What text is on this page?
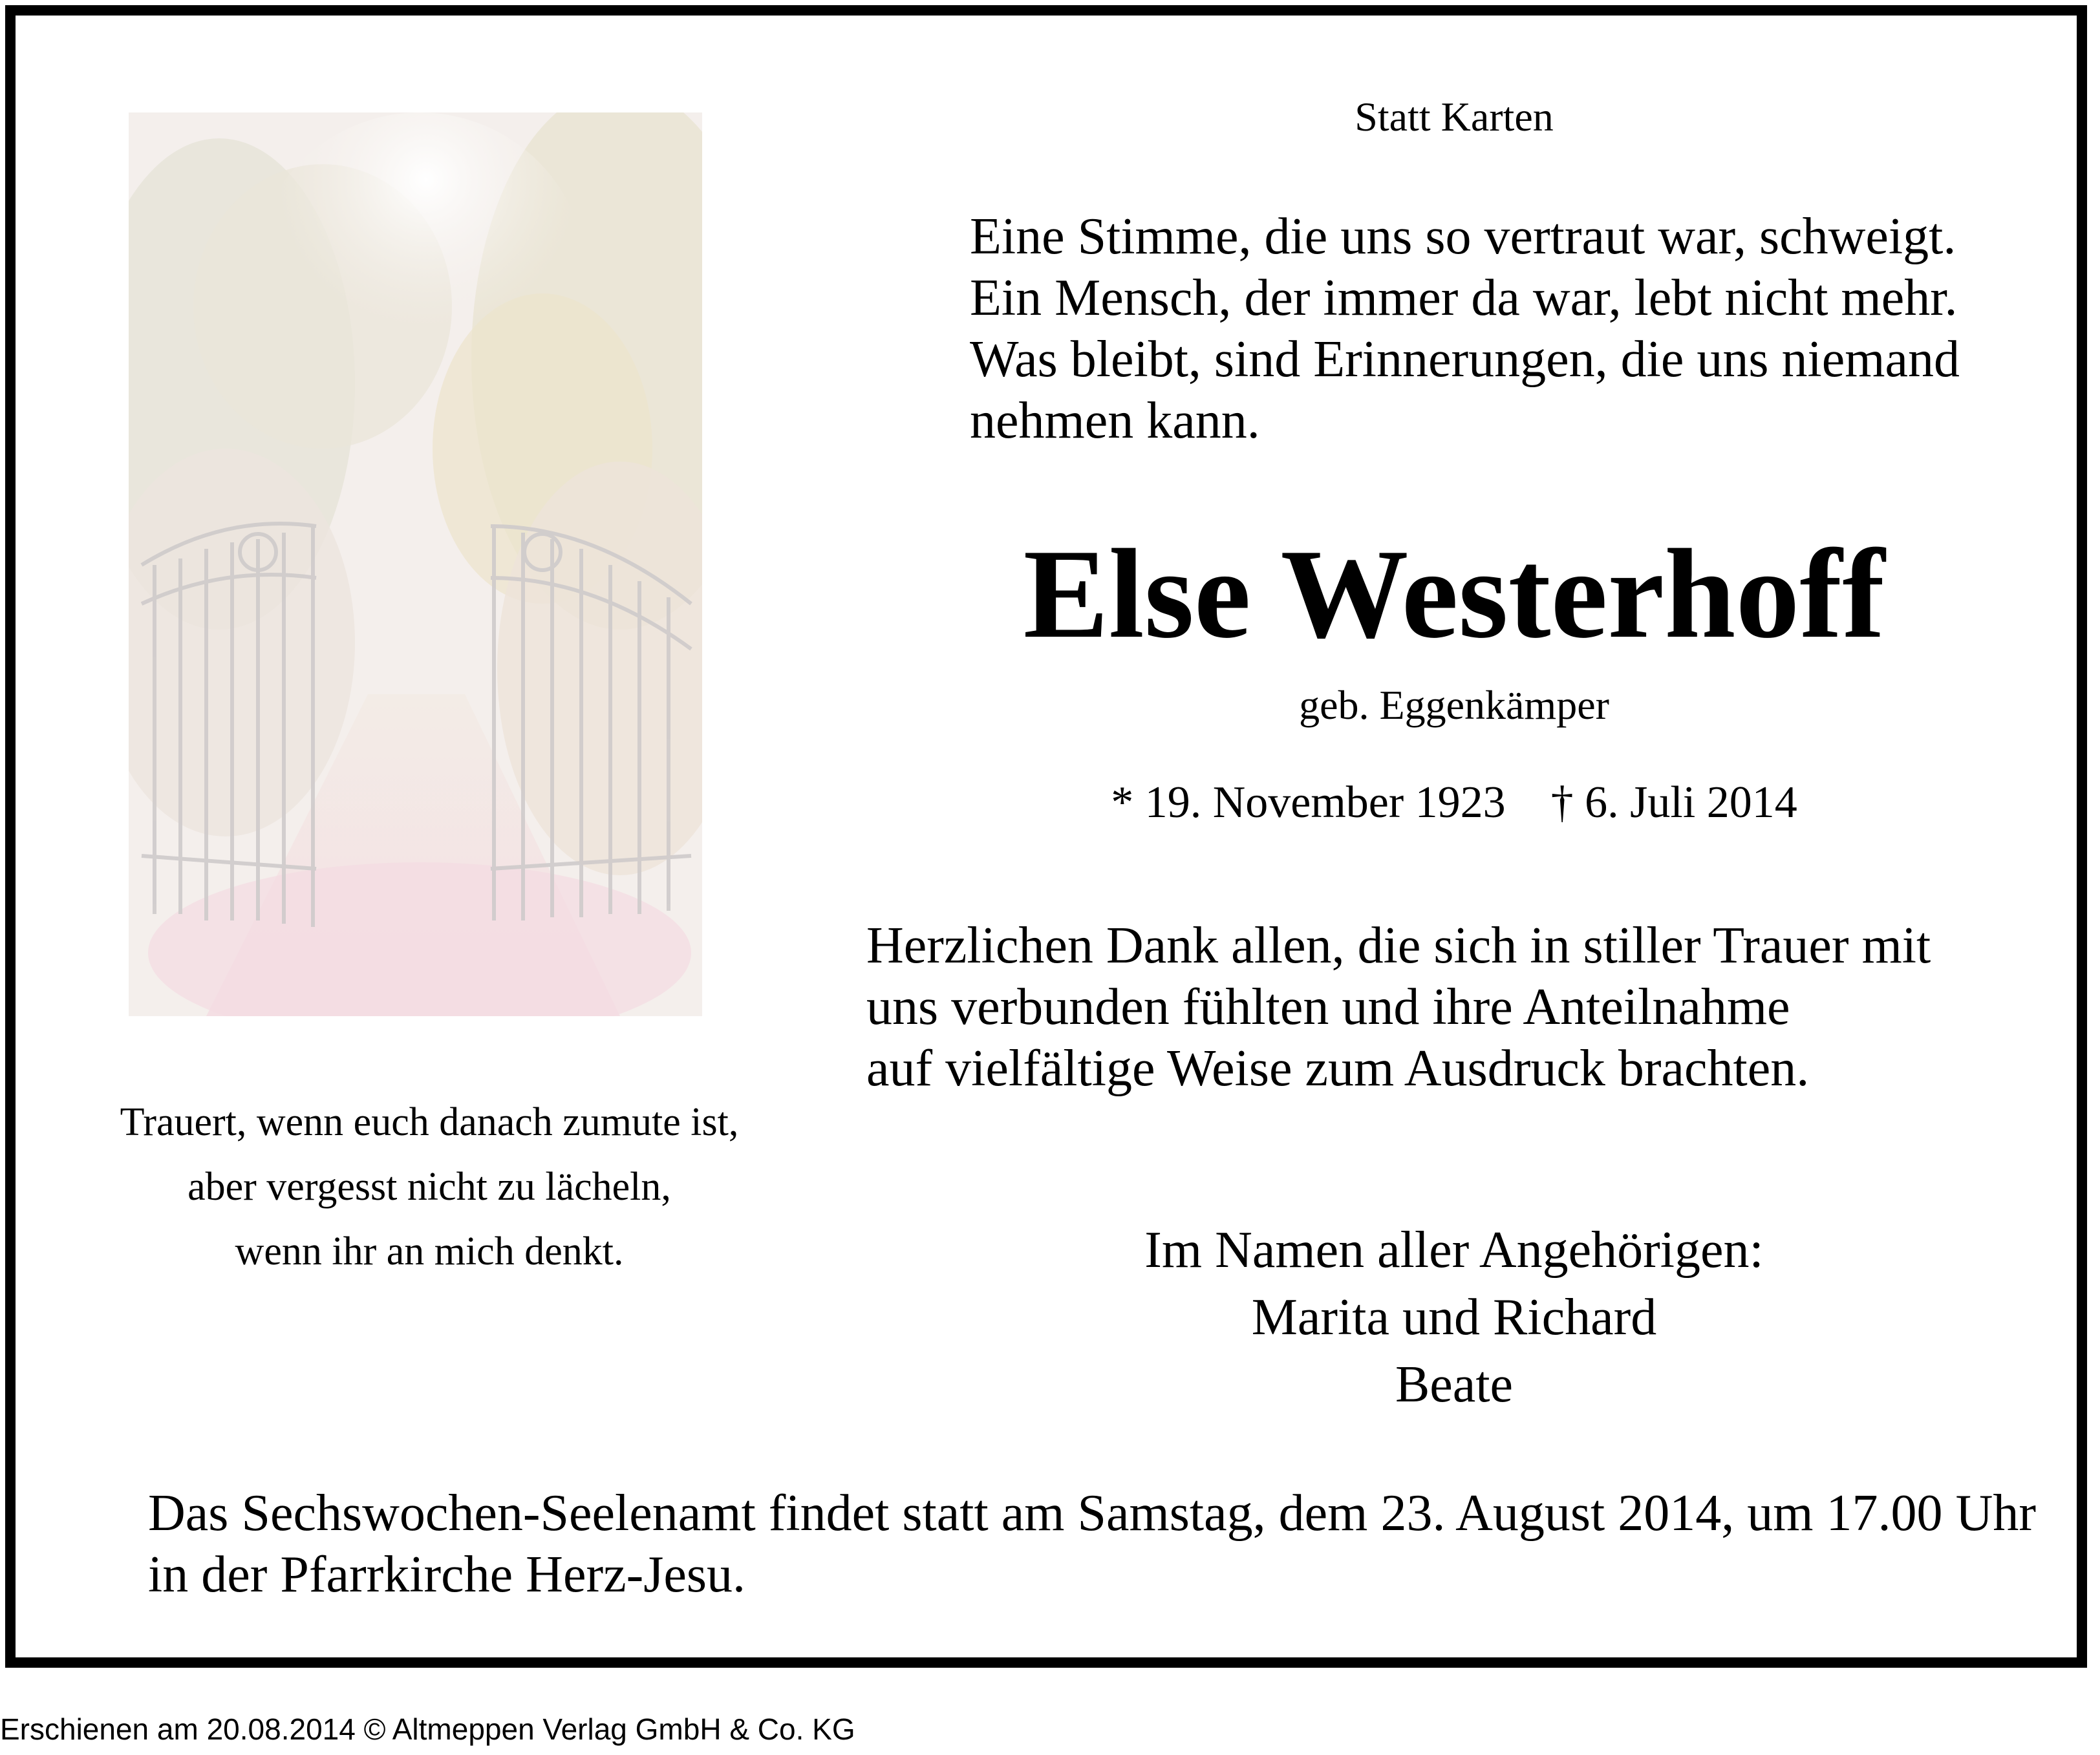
Statt Karten
Eine Stimme, die uns so vertraut war, schweigt.
Ein Mensch, der immer da war, lebt nicht mehr.
Was bleibt, sind Erinnerungen, die uns niemand
nehmen kann.
Else Westerhoff
geb. Eggenkämper
* 19. November 1923 † 6. Juli 2014
Herzlichen Dank allen, die sich in stiller Trauer mit
uns verbunden fühlten und ihre Anteilnahme
auf vielfältige Weise zum Ausdruck brachten.
Trauert, wenn euch danach zumute ist,
aber vergesst nicht zu lächeln,
wenn ihr an mich denkt.	Im Namen aller Angehörigen:
Marita und Richard
Beate
Das Sechswochen-Seelenamt findet statt am Samstag, dem 23. August 2014, um 17.00 Uhr in der Pfarrkirche Herz-Jesu.
Erschienen am 20.08.2014 © Altmeppen Verlag GmbH & Co. KG
